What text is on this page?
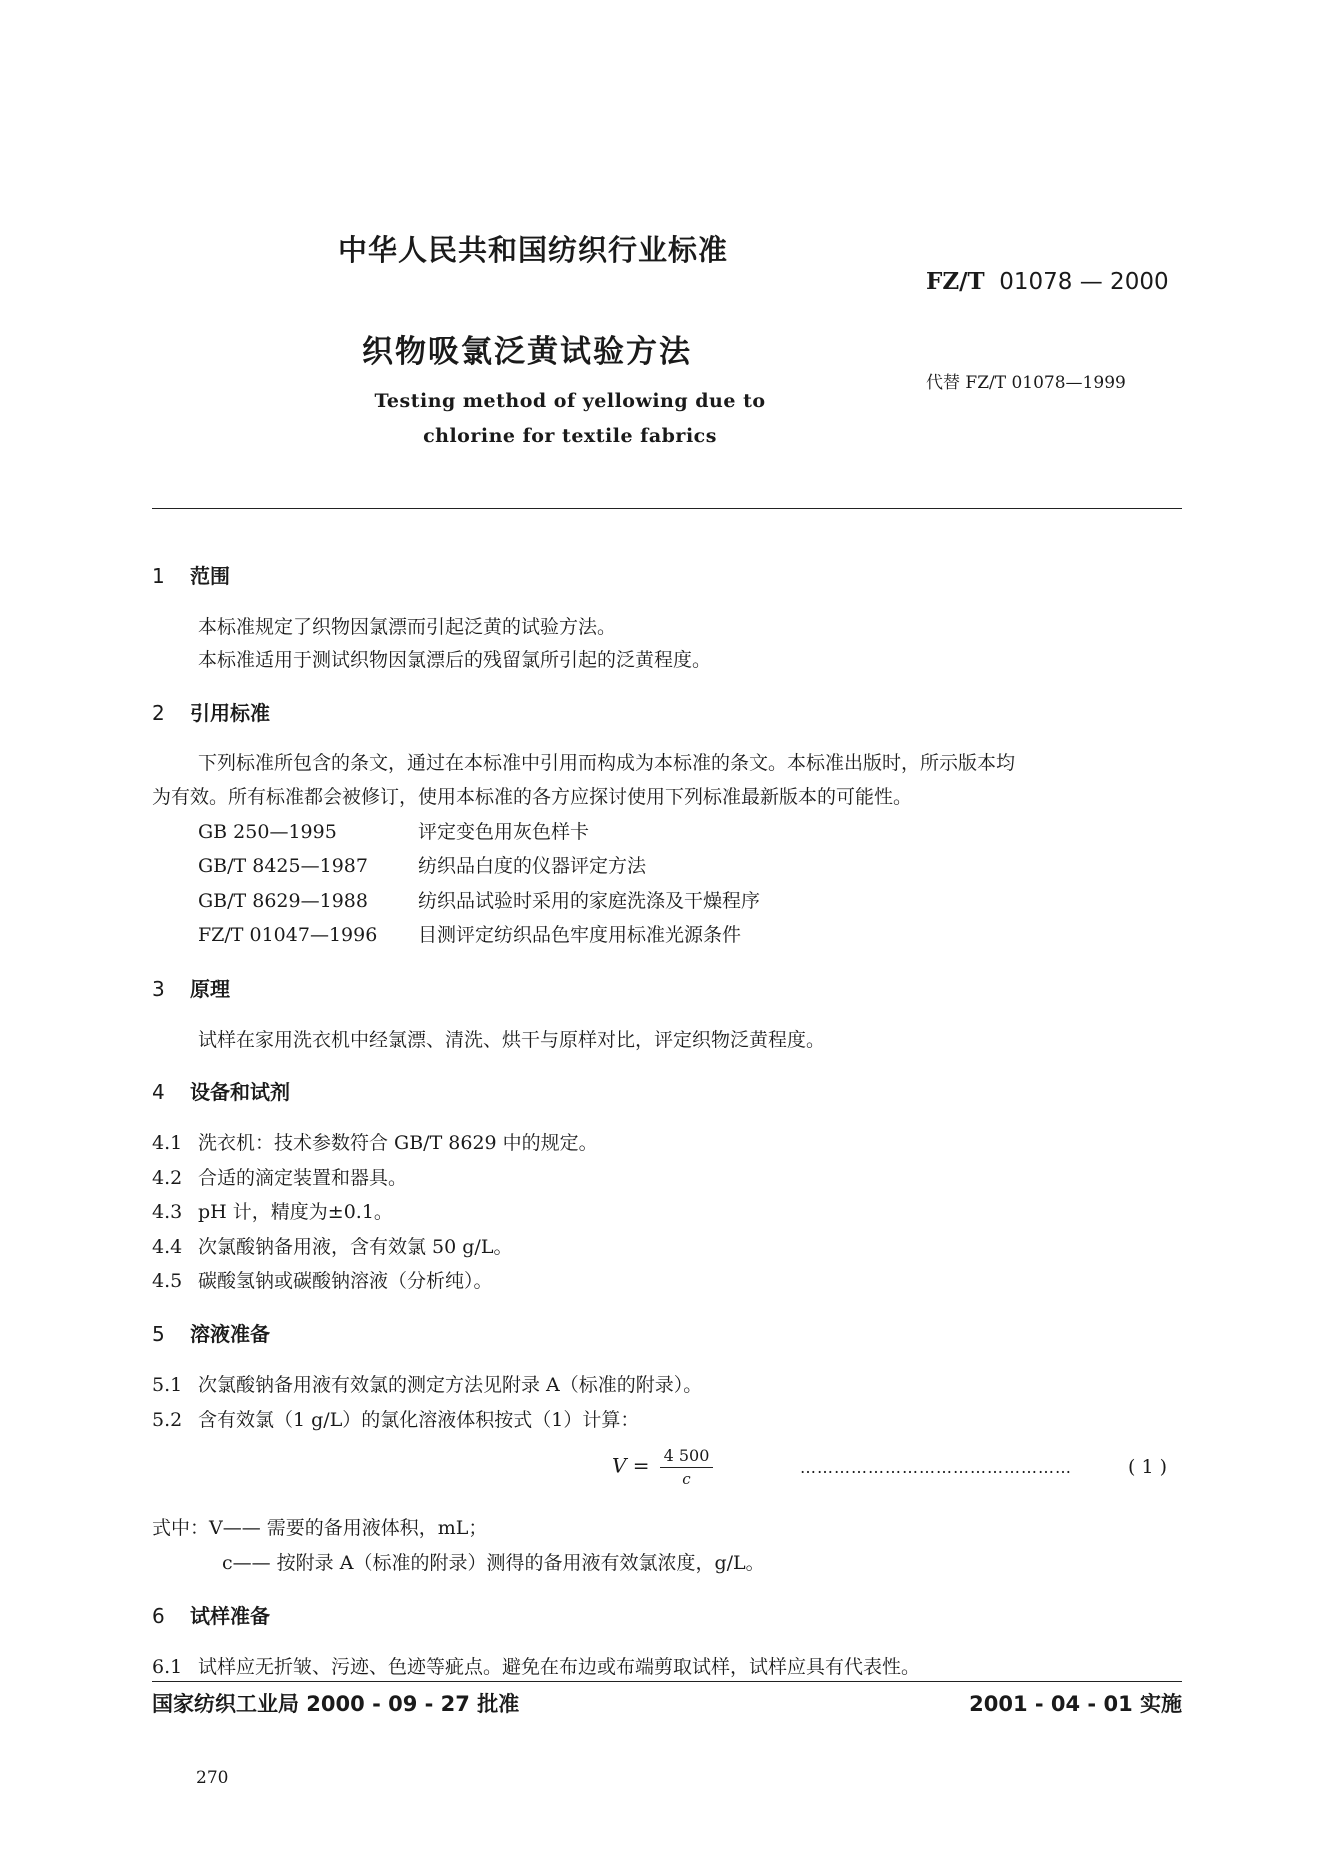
中华人民共和国纺织行业标准
FZ/T 01078 — 2000
织物吸氯泛黄试验方法
代替 FZ/T 01078—1999
Testing method of yellowing due to
chlorine for textile fabrics
1 范围
本标准规定了织物因氯漂而引起泛黄的试验方法。
本标准适用于测试织物因氯漂后的残留氯所引起的泛黄程度。
2 引用标准
下列标准所包含的条文，通过在本标准中引用而构成为本标准的条文。本标准出版时，所示版本均
为有效。所有标准都会被修订，使用本标准的各方应探讨使用下列标准最新版本的可能性。
GB 250—1995	评定变色用灰色样卡
GB/T 8425—1987	纺织品白度的仪器评定方法
GB/T 8629—1988	纺织品试验时采用的家庭洗涤及干燥程序
FZ/T 01047—1996 目测评定纺织品色牢度用标准光源条件
3 原理
试样在家用洗衣机中经氯漂、清洗、烘干与原样对比，评定织物泛黄程度。
4 设备和试剂
4.1 洗衣机：技术参数符合 GB/T 8629 中的规定。
4.2 合适的滴定装置和器具。
4.3 pH 计，精度为±0.1。
4.4 次氯酸钠备用液，含有效氯 50 g/L。
4.5 碳酸氢钠或碳酸钠溶液（分析纯）。
5 溶液准备
5.1 次氯酸钠备用液有效氯的测定方法见附录 A（标准的附录）。
5.2 含有效氯（1 g/L）的氯化溶液体积按式（1）计算：
$V = \frac{4 500}{c}$	…………………………………………	( 1 )
式中：V—— 需要的备用液体积，mL；
c—— 按附录 A（标准的附录）测得的备用液有效氯浓度，g/L。
6 试样准备
6.1 试样应无折皱、污迹、色迹等疵点。避免在布边或布端剪取试样，试样应具有代表性。
国家纺织工业局 2000 - 09 - 27 批准	2001 - 04 - 01 实施
270
